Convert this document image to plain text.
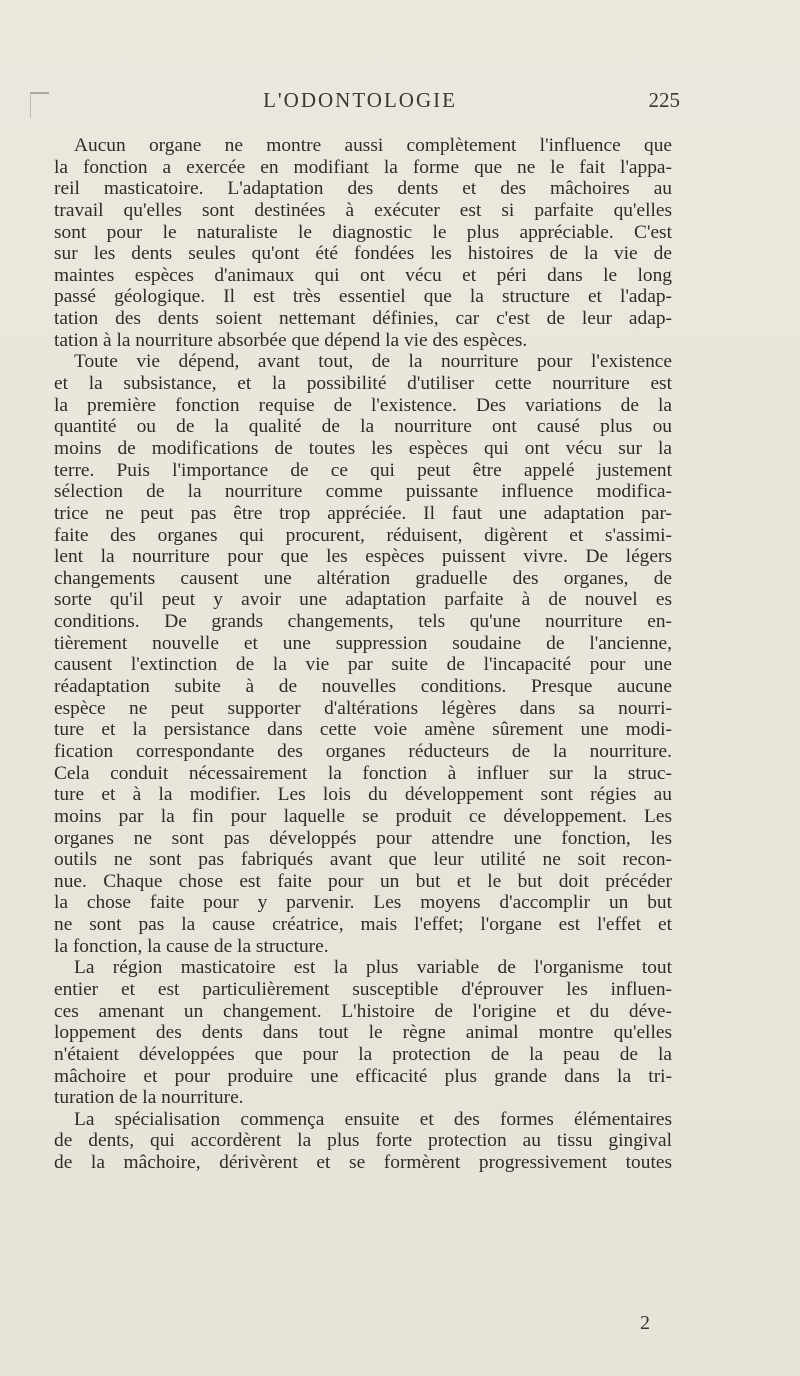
L'ODONTOLOGIE	225
Aucun organe ne montre aussi complètement l'influence que
la fonction a exercée en modifiant la forme que ne le fait l'appa-
reil masticatoire. L'adaptation des dents et des mâchoires au
travail qu'elles sont destinées à exécuter est si parfaite qu'elles
sont pour le naturaliste le diagnostic le plus appréciable. C'est
sur les dents seules qu'ont été fondées les histoires de la vie de
maintes espèces d'animaux qui ont vécu et péri dans le long
passé géologique. Il est très essentiel que la structure et l'adap-
tation des dents soient nettemant définies, car c'est de leur adap-
tation à la nourriture absorbée que dépend la vie des espèces.
Toute vie dépend, avant tout, de la nourriture pour l'existence
et la subsistance, et la possibilité d'utiliser cette nourriture est
la première fonction requise de l'existence. Des variations de la
quantité ou de la qualité de la nourriture ont causé plus ou
moins de modifications de toutes les espèces qui ont vécu sur la
terre. Puis l'importance de ce qui peut être appelé justement
sélection de la nourriture comme puissante influence modifica-
trice ne peut pas être trop appréciée. Il faut une adaptation par-
faite des organes qui procurent, réduisent, digèrent et s'assimi-
lent la nourriture pour que les espèces puissent vivre. De légers
changements causent une altération graduelle des organes, de
sorte qu'il peut y avoir une adaptation parfaite à de nouvel es
conditions. De grands changements, tels qu'une nourriture en-
tièrement nouvelle et une suppression soudaine de l'ancienne,
causent l'extinction de la vie par suite de l'incapacité pour une
réadaptation subite à de nouvelles conditions. Presque aucune
espèce ne peut supporter d'altérations légères dans sa nourri-
ture et la persistance dans cette voie amène sûrement une modi-
fication correspondante des organes réducteurs de la nourriture.
Cela conduit nécessairement la fonction à influer sur la struc-
ture et à la modifier. Les lois du développement sont régies au
moins par la fin pour laquelle se produit ce développement. Les
organes ne sont pas développés pour attendre une fonction, les
outils ne sont pas fabriqués avant que leur utilité ne soit recon-
nue. Chaque chose est faite pour un but et le but doit précéder
la chose faite pour y parvenir. Les moyens d'accomplir un but
ne sont pas la cause créatrice, mais l'effet; l'organe est l'effet et
la fonction, la cause de la structure.
La région masticatoire est la plus variable de l'organisme tout
entier et est particulièrement susceptible d'éprouver les influen-
ces amenant un changement. L'histoire de l'origine et du déve-
loppement des dents dans tout le règne animal montre qu'elles
n'étaient développées que pour la protection de la peau de la
mâchoire et pour produire une efficacité plus grande dans la tri-
turation de la nourriture.
La spécialisation commença ensuite et des formes élémentaires
de dents, qui accordèrent la plus forte protection au tissu gingival
de la mâchoire, dérivèrent et se formèrent progressivement toutes
2
